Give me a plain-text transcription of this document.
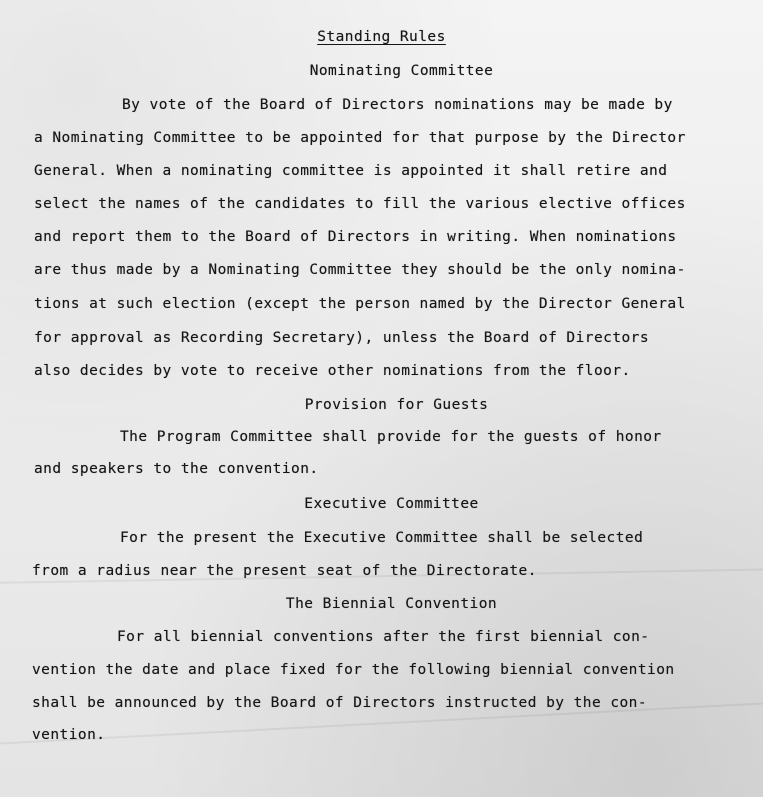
Standing Rules
Nominating Committee
By vote of the Board of Directors nominations may be made by
a Nominating Committee to be appointed for that purpose by the Director
General. When a nominating committee is appointed it shall retire and
select the names of the candidates to fill the various elective offices
and report them to the Board of Directors in writing. When nominations
are thus made by a Nominating Committee they should be the only nomina-
tions at such election (except the person named by the Director General
for approval as Recording Secretary), unless the Board of Directors
also decides by vote to receive other nominations from the floor.
Provision for Guests
The Program Committee shall provide for the guests of honor
and speakers to the convention.
Executive Committee
For the present the Executive Committee shall be selected
from a radius near the present seat of the Directorate.
The Biennial Convention
For all biennial conventions after the first biennial con-
vention the date and place fixed for the following biennial convention
shall be announced by the Board of Directors instructed by the con-
vention.
